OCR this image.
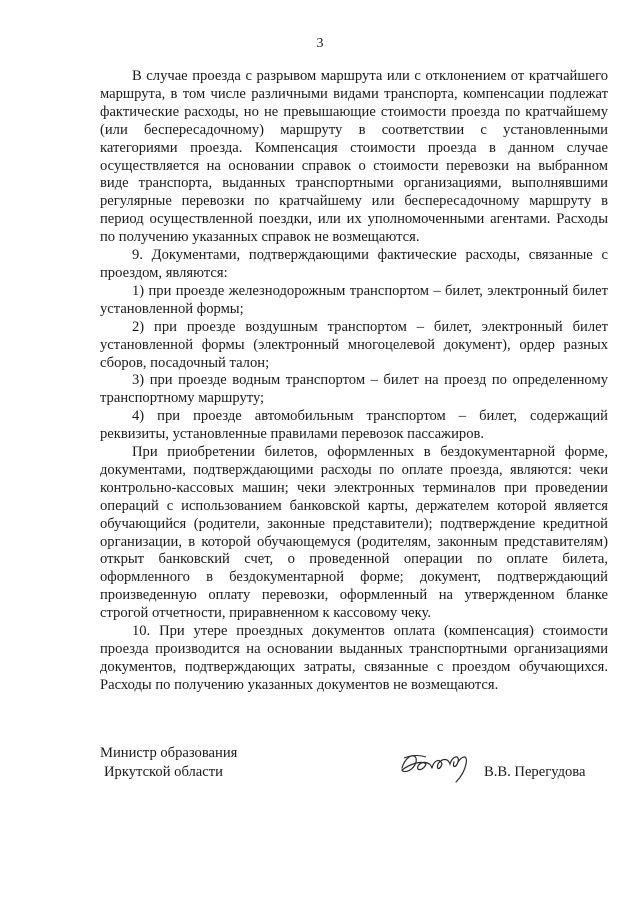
3

В случае проезда с разрывом маршрута или с отклонением от кратчайшего маршрута, в том числе различными видами транспорта, компенсации подлежат фактические расходы, но не превышающие стоимости проезда по кратчайшему (или беспересадочному) маршруту в соответствии с установленными категориями проезда. Компенсация стоимости проезда в данном случае осуществляется на основании справок о стоимости перевозки на выбранном виде транспорта, выданных транспортными организациями, выполнявшими регулярные перевозки по кратчайшему или беспересадочному маршруту в период осуществленной поездки, или их уполномоченными агентами. Расходы по получению указанных справок не возмещаются.

9. Документами, подтверждающими фактические расходы, связанные с проездом, являются:

1) при проезде железнодорожным транспортом – билет, электронный билет установленной формы;

2) при проезде воздушным транспортом – билет, электронный билет установленной формы (электронный многоцелевой документ), ордер разных сборов, посадочный талон;

3) при проезде водным транспортом – билет на проезд по определенному транспортному маршруту;

4) при проезде автомобильным транспортом – билет, содержащий реквизиты, установленные правилами перевозок пассажиров.

При приобретении билетов, оформленных в бездокументарной форме, документами, подтверждающими расходы по оплате проезда, являются: чеки контрольно-кассовых машин; чеки электронных терминалов при проведении операций с использованием банковской карты, держателем которой является обучающийся (родители, законные представители); подтверждение кредитной организации, в которой обучающемуся (родителям, законным представителям) открыт банковский счет, о проведенной операции по оплате билета, оформленного в бездокументарной форме; документ, подтверждающий произведенную оплату перевозки, оформленный на утвержденном бланке строгой отчетности, приравненном к кассовому чеку.

10. При утере проездных документов оплата (компенсация) стоимости проезда производится на основании выданных транспортными организациями документов, подтверждающих затраты, связанные с проездом обучающихся. Расходы по получению указанных документов не возмещаются.

Министр образования
Иркутской области	В.В. Перегудова
